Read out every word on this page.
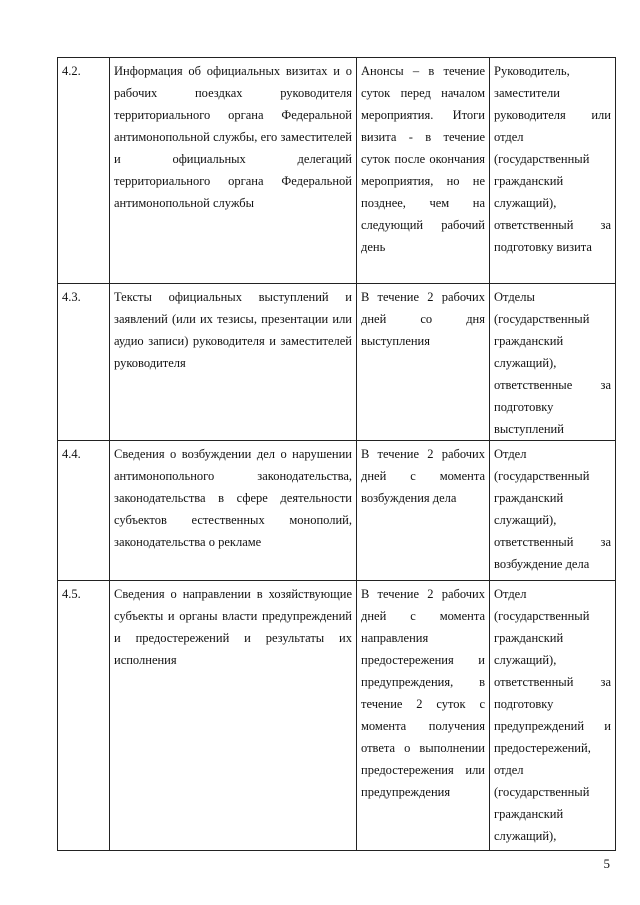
4.2.	Информация об официальных визитах и о рабочих поездках руководителя территориального органа Федеральной антимонопольной службы, его заместителей и официальных делегаций территориального органа Федеральной антимонопольной службы	Анонсы – в течение суток перед началом мероприятия. Итоги визита - в течение суток после окончания мероприятия, но не позднее, чем на следующий рабочий день	Руководитель, заместители руководителя или отдел (государственный гражданский служащий), ответственный за подготовку визита

4.3.	Тексты официальных выступлений и заявлений (или их тезисы, презентации или аудио записи) руководителя и заместителей руководителя	В течение 2 рабочих дней со дня выступления	Отделы (государственный гражданский служащий), ответственные за подготовку выступлений

4.4.	Сведения о возбуждении дел о нарушении антимонопольного законодательства, законодательства в сфере деятельности субъектов естественных монополий, законодательства о рекламе	В течение 2 рабочих дней с момента возбуждения дела	Отдел (государственный гражданский служащий), ответственный за возбуждение дела

4.5.	Сведения о направлении в хозяйствующие субъекты и органы власти предупреждений и предостережений и результаты их исполнения	В течение 2 рабочих дней с момента направления предостережения и предупреждения, в течение 2 суток с момента получения ответа о выполнении предостережения или предупреждения	Отдел (государственный гражданский служащий), ответственный за подготовку предупреждений и предостережений, отдел (государственный гражданский служащий),
5
